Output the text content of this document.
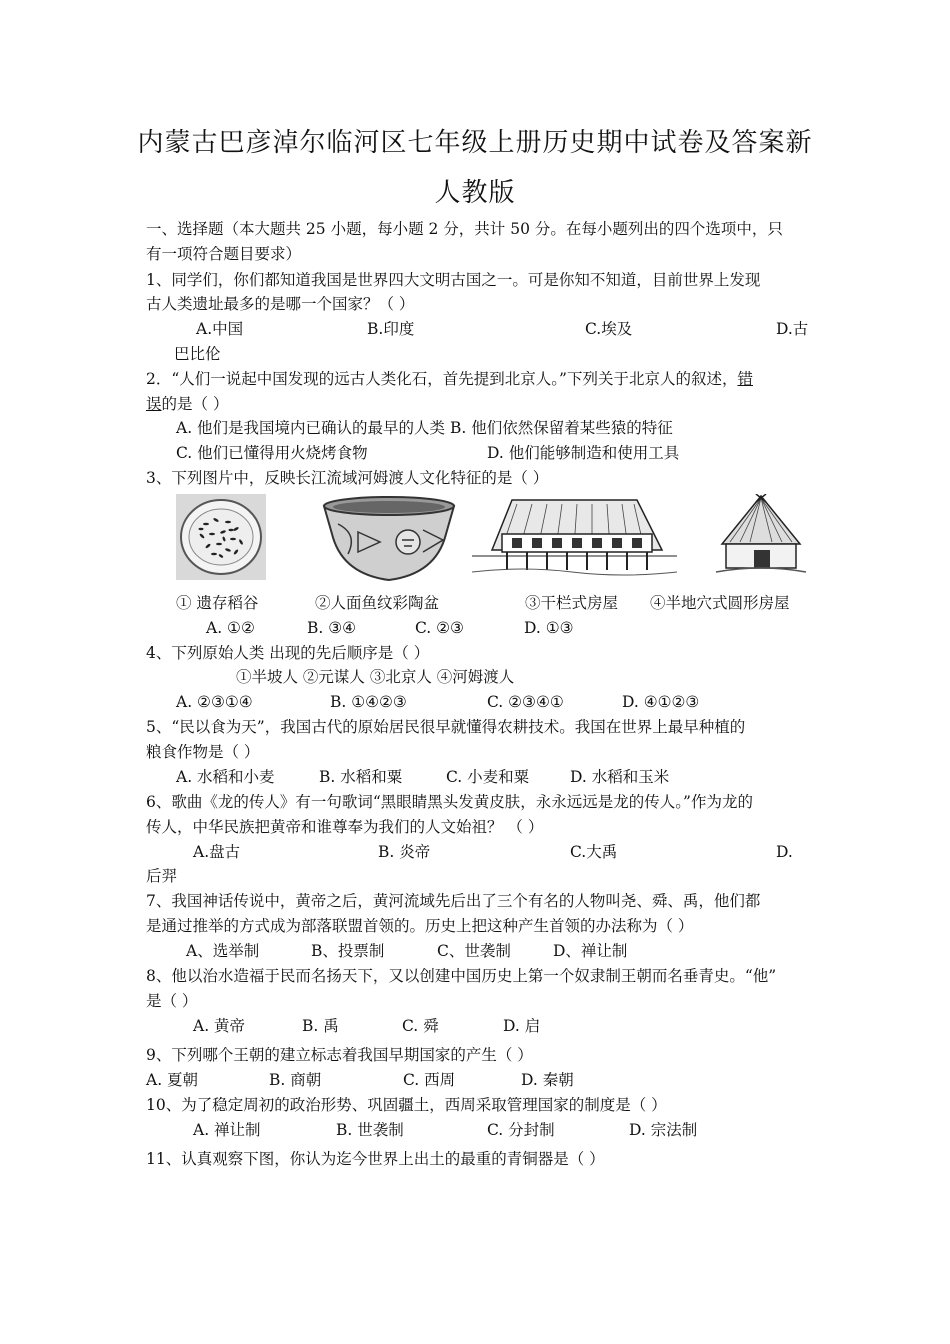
内蒙古巴彦淖尔临河区七年级上册历史期中试卷及答案新
人教版
一、选择题（本大题共 25 小题，每小题 2 分，共计 50 分。在每小题列出的四个选项中，只
有一项符合题目要求）
1、同学们，你们都知道我国是世界四大文明古国之一。可是你知不知道，目前世界上发现
古人类遗址最多的是哪一个国家？（ ）
A.中国	B.印度	C.埃及	D.古
巴比伦
2．“人们一说起中国发现的远古人类化石，首先提到北京人。”下列关于北京人的叙述，错
误的是（ ）
A. 他们是我国境内已确认的最早的人类 B. 他们依然保留着某些猿的特征
C. 他们已懂得用火烧烤食物	D. 他们能够制造和使用工具
3、下列图片中，反映长江流域河姆渡人文化特征的是（ ）
① 遗存稻谷	②人面鱼纹彩陶盆	③干栏式房屋 ④半地穴式圆形房屋
A. ①②	B. ③④	C. ②③	D. ①③
4、下列原始人类 出现的先后顺序是（ ）
①半坡人 ②元谋人 ③北京人 ④河姆渡人
A. ②③①④	B. ①④②③	C. ②③④①	D. ④①②③
5、“民以食为天”，我国古代的原始居民很早就懂得农耕技术。我国在世界上最早种植的
粮食作物是（ ）
A. 水稻和小麦	B. 水稻和粟	C. 小麦和粟	D. 水稻和玉米
6、歌曲《龙的传人》有一句歌词“黑眼睛黑头发黄皮肤，永永远远是龙的传人。”作为龙的
传人，中华民族把黄帝和谁尊奉为我们的人文始祖？ （ ）
A.盘古	B. 炎帝	C.大禹	D.
后羿
7、我国神话传说中，黄帝之后，黄河流域先后出了三个有名的人物叫尧、舜、禹，他们都
是通过推举的方式成为部落联盟首领的。历史上把这种产生首领的办法称为（ ）
A、选举制	B、投票制	C、世袭制	D、禅让制
8、他以治水造福于民而名扬天下，又以创建中国历史上第一个奴隶制王朝而名垂青史。“他”
是（ ）
A. 黄帝	B. 禹	C. 舜	D. 启
9、下列哪个王朝的建立标志着我国早期国家的产生（ ）
A. 夏朝	B. 商朝	C. 西周	D. 秦朝
10、为了稳定周初的政治形势、巩固疆土，西周采取管理国家的制度是（ ）
A. 禅让制	B. 世袭制	C. 分封制	D. 宗法制
11、认真观察下图，你认为迄今世界上出土的最重的青铜器是（ ）
